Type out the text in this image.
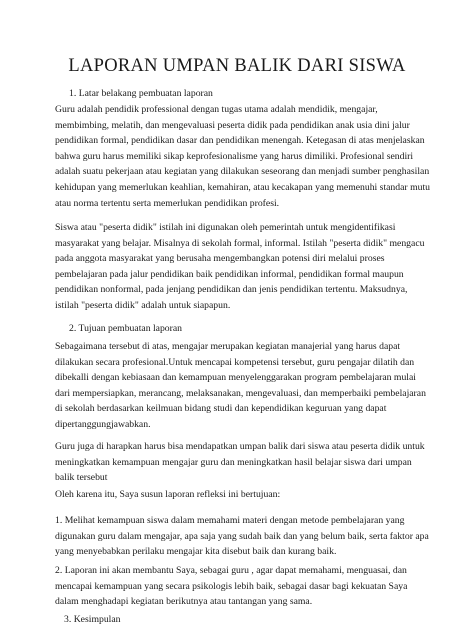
LAPORAN UMPAN BALIK DARI SISWA
1. Latar belakang pembuatan laporan
Guru adalah pendidik professional dengan tugas utama adalah mendidik, mengajar,
membimbing, melatih, dan mengevaluasi peserta didik pada pendidikan anak usia dini jalur
pendidikan formal, pendidikan dasar dan pendidikan menengah. Ketegasan di atas menjelaskan
bahwa guru harus memiliki sikap keprofesionalisme yang harus dimiliki. Profesional sendiri
adalah suatu pekerjaan atau kegiatan yang dilakukan seseorang dan menjadi sumber penghasilan
kehidupan yang memerlukan keahlian, kemahiran, atau kecakapan yang memenuhi standar mutu
atau norma tertentu serta memerlukan pendidikan profesi.
Siswa atau "peserta didik" istilah ini digunakan oleh pemerintah untuk mengidentifikasi
masyarakat yang belajar. Misalnya di sekolah formal, informal. Istilah "peserta didik" mengacu
pada anggota masyarakat yang berusaha mengembangkan potensi diri melalui proses
pembelajaran pada jalur pendidikan baik pendidikan informal, pendidikan formal maupun
pendidikan nonformal, pada jenjang pendidikan dan jenis pendidikan tertentu. Maksudnya,
istilah "peserta didik" adalah untuk siapapun.
2. Tujuan pembuatan laporan
Sebagaimana tersebut di atas, mengajar merupakan kegiatan manajerial yang harus dapat
dilakukan secara profesional.Untuk mencapai kompetensi tersebut, guru pengajar dilatih dan
dibekalli dengan kebiasaan dan kemampuan menyelenggarakan program pembelajaran mulai
dari mempersiapkan, merancang, melaksanakan, mengevaluasi, dan memperbaiki pembelajaran
di sekolah berdasarkan keilmuan bidang studi dan kependidikan keguruan yang dapat
dipertanggungjawabkan.
Guru juga di harapkan harus bisa mendapatkan umpan balik dari siswa atau peserta didik untuk
meningkatkan kemampuan mengajar guru dan meningkatkan hasil belajar siswa dari umpan
balik tersebut
Oleh karena itu, Saya susun laporan refleksi ini bertujuan:
1. Melihat kemampuan siswa dalam memahami materi dengan metode pembelajaran yang
digunakan guru dalam mengajar, apa saja yang sudah baik dan yang belum baik, serta faktor apa
yang menyebabkan perilaku mengajar kita disebut baik dan kurang baik.
2. Laporan ini akan membantu Saya, sebagai guru , agar dapat memahami, menguasai, dan
mencapai kemampuan yang secara psikologis lebih baik, sebagai dasar bagi kekuatan Saya
dalam menghadapi kegiatan berikutnya atau tantangan yang sama.
3. Kesimpulan
